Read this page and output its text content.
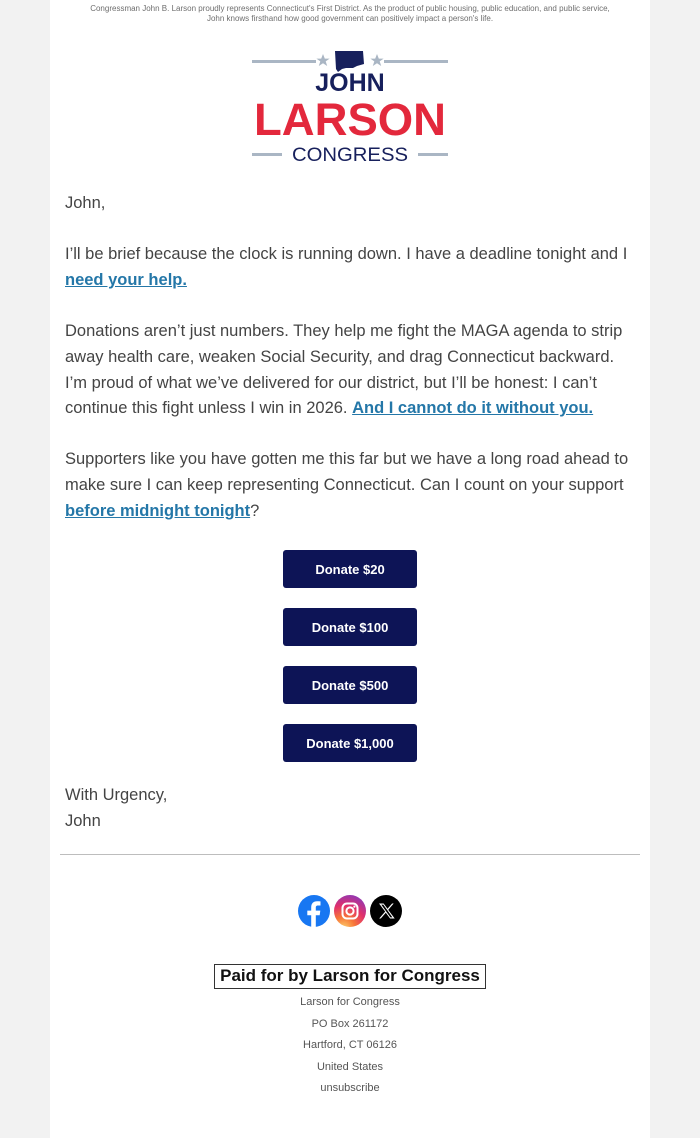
Congressman John B. Larson proudly represents Connecticut's First District. As the product of public housing, public education, and public service, John knows firsthand how good government can positively impact a person's life.
JOHN
LARSON
CONGRESS

John,

I’ll be brief because the clock is running down. I have a deadline tonight and I need your help.

Donations aren’t just numbers. They help me fight the MAGA agenda to strip away health care, weaken Social Security, and drag Connecticut backward. I’m proud of what we’ve delivered for our district, but I’ll be honest: I can’t continue this fight unless I win in 2026. And I cannot do it without you.

Supporters like you have gotten me this far but we have a long road ahead to make sure I can keep representing Connecticut. Can I count on your support before midnight tonight?

Donate $20
Donate $100
Donate $500
Donate $1,000
With Urgency,
John
Paid for by Larson for Congress
Larson for Congress
PO Box 261172
Hartford, CT 06126
United States
unsubscribe
